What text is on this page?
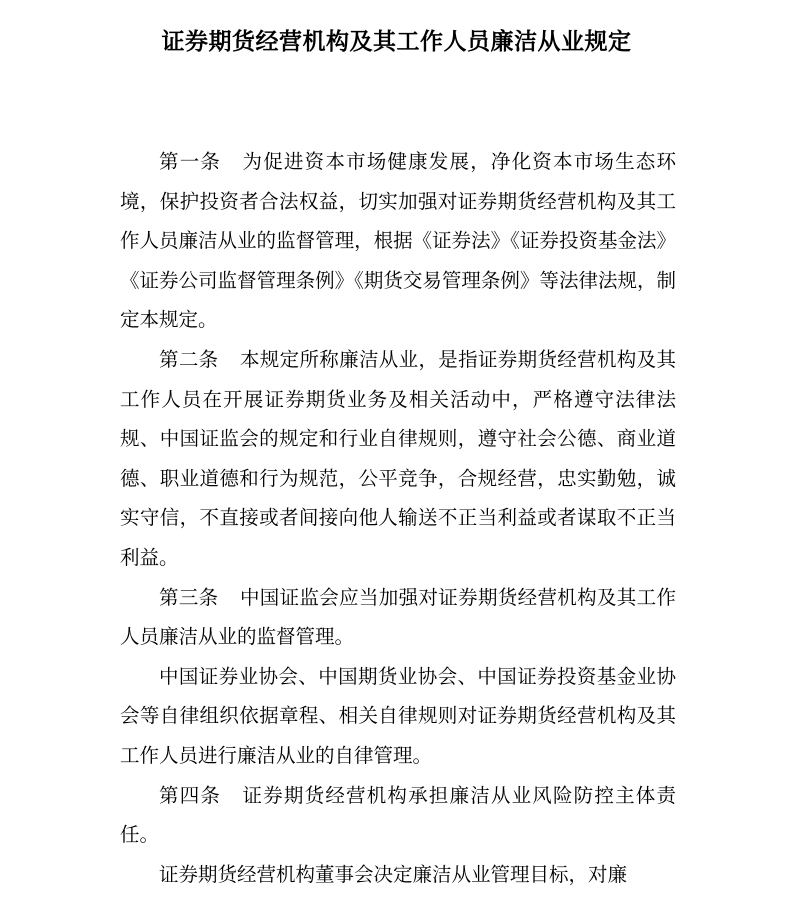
证券期货经营机构及其工作人员廉洁从业规定

第一条 为促进资本市场健康发展，净化资本市场生态环境，保护投资者合法权益，切实加强对证券期货经营机构及其工作人员廉洁从业的监督管理，根据《证券法》《证券投资基金法》《证券公司监督管理条例》《期货交易管理条例》等法律法规，制定本规定。

第二条 本规定所称廉洁从业，是指证券期货经营机构及其工作人员在开展证券期货业务及相关活动中，严格遵守法律法规、中国证监会的规定和行业自律规则，遵守社会公德、商业道德、职业道德和行为规范，公平竞争，合规经营，忠实勤勉，诚实守信，不直接或者间接向他人输送不正当利益或者谋取不正当利益。

第三条 中国证监会应当加强对证券期货经营机构及其工作人员廉洁从业的监督管理。

中国证券业协会、中国期货业协会、中国证券投资基金业协会等自律组织依据章程、相关自律规则对证券期货经营机构及其工作人员进行廉洁从业的自律管理。

第四条 证券期货经营机构承担廉洁从业风险防控主体责任。

证券期货经营机构董事会决定廉洁从业管理目标，对廉
